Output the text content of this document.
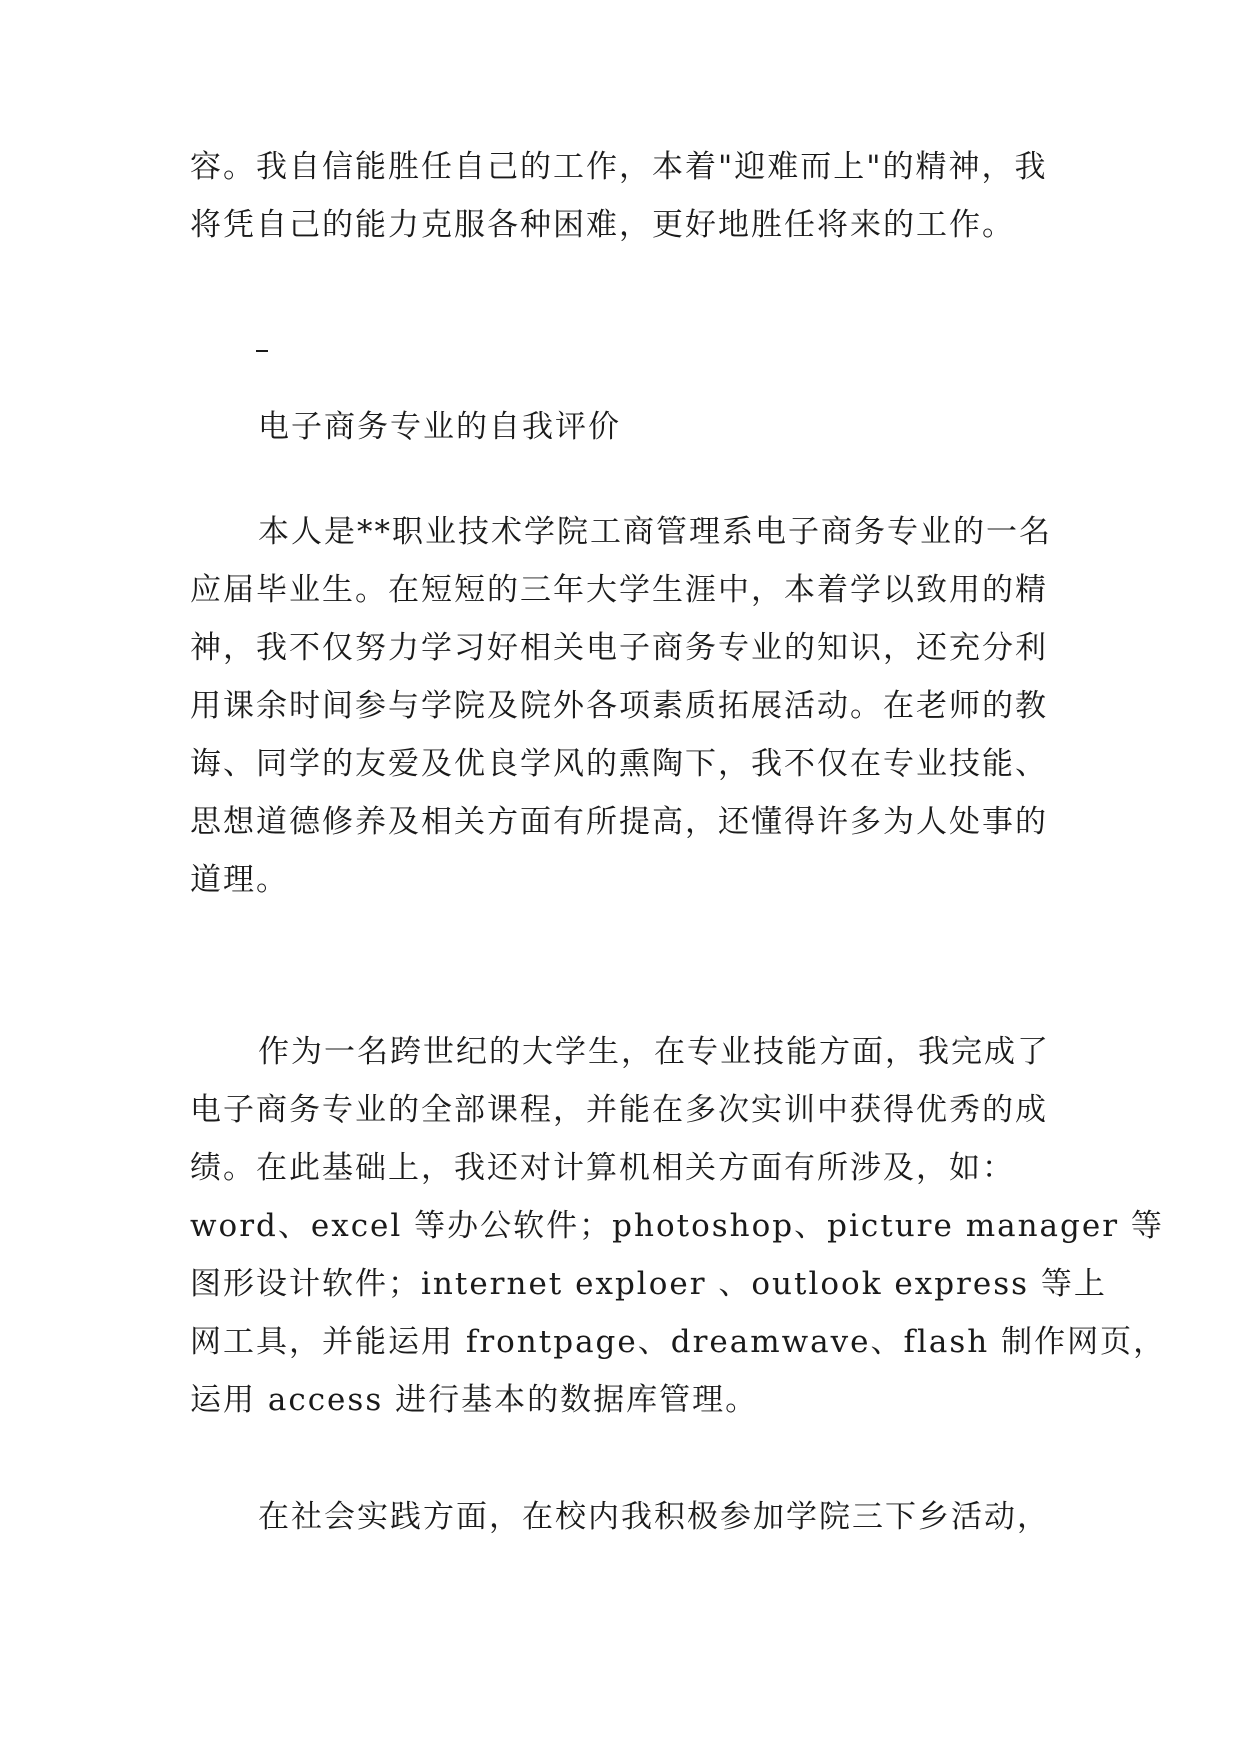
容。我自信能胜任自己的工作，本着"迎难而上"的精神，我
将凭自己的能力克服各种困难，更好地胜任将来的工作。
电子商务专业的自我评价
本人是**职业技术学院工商管理系电子商务专业的一名
应届毕业生。在短短的三年大学生涯中，本着学以致用的精
神，我不仅努力学习好相关电子商务专业的知识，还充分利
用课余时间参与学院及院外各项素质拓展活动。在老师的教
诲、同学的友爱及优良学风的熏陶下，我不仅在专业技能、
思想道德修养及相关方面有所提高，还懂得许多为人处事的
道理。
作为一名跨世纪的大学生，在专业技能方面，我完成了
电子商务专业的全部课程，并能在多次实训中获得优秀的成
绩。在此基础上，我还对计算机相关方面有所涉及，如：
word、excel 等办公软件；photoshop、picture manager 等
图形设计软件；internet exploer 、outlook express 等上
网工具，并能运用 frontpage、dreamwave、flash 制作网页，
运用 access 进行基本的数据库管理。
在社会实践方面，在校内我积极参加学院三下乡活动，
